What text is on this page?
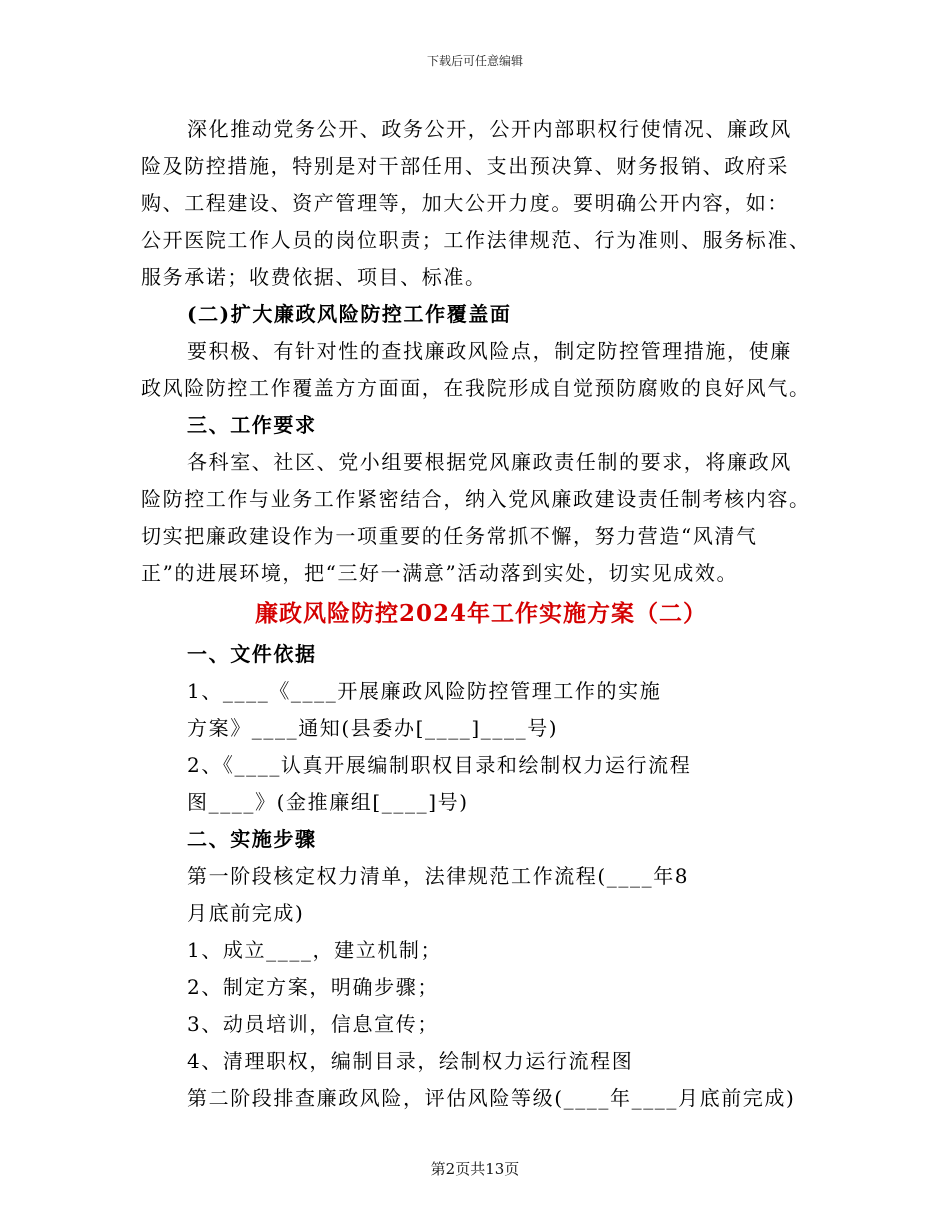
下载后可任意编辑
深化推动党务公开、政务公开，公开内部职权行使情况、廉政风
险及防控措施，特别是对干部任用、支出预决算、财务报销、政府采
购、工程建设、资产管理等，加大公开力度。要明确公开内容，如：
公开医院工作人员的岗位职责；工作法律规范、行为准则、服务标准、
服务承诺；收费依据、项目、标准。
(二)扩大廉政风险防控工作覆盖面
要积极、有针对性的查找廉政风险点，制定防控管理措施，使廉
政风险防控工作覆盖方方面面，在我院形成自觉预防腐败的良好风气。
三、工作要求
各科室、社区、党小组要根据党风廉政责任制的要求，将廉政风
险防控工作与业务工作紧密结合，纳入党风廉政建设责任制考核内容。
切实把廉政建设作为一项重要的任务常抓不懈，努力营造“风清气
正”的进展环境，把“三好一满意”活动落到实处，切实见成效。
廉政风险防控2024年工作实施方案（二）
一、文件依据
1、____《____开展廉政风险防控管理工作的实施
方案》____通知(县委办[____]____号)
2、《____认真开展编制职权目录和绘制权力运行流程
图____》(金推廉组[____]号)
二、实施步骤
第一阶段核定权力清单，法律规范工作流程(____年8
月底前完成)
1、成立____，建立机制；
2、制定方案，明确步骤；
3、动员培训，信息宣传；
4、清理职权，编制目录，绘制权力运行流程图
第二阶段排查廉政风险，评估风险等级(____年____月底前完成)
第2页共13页
